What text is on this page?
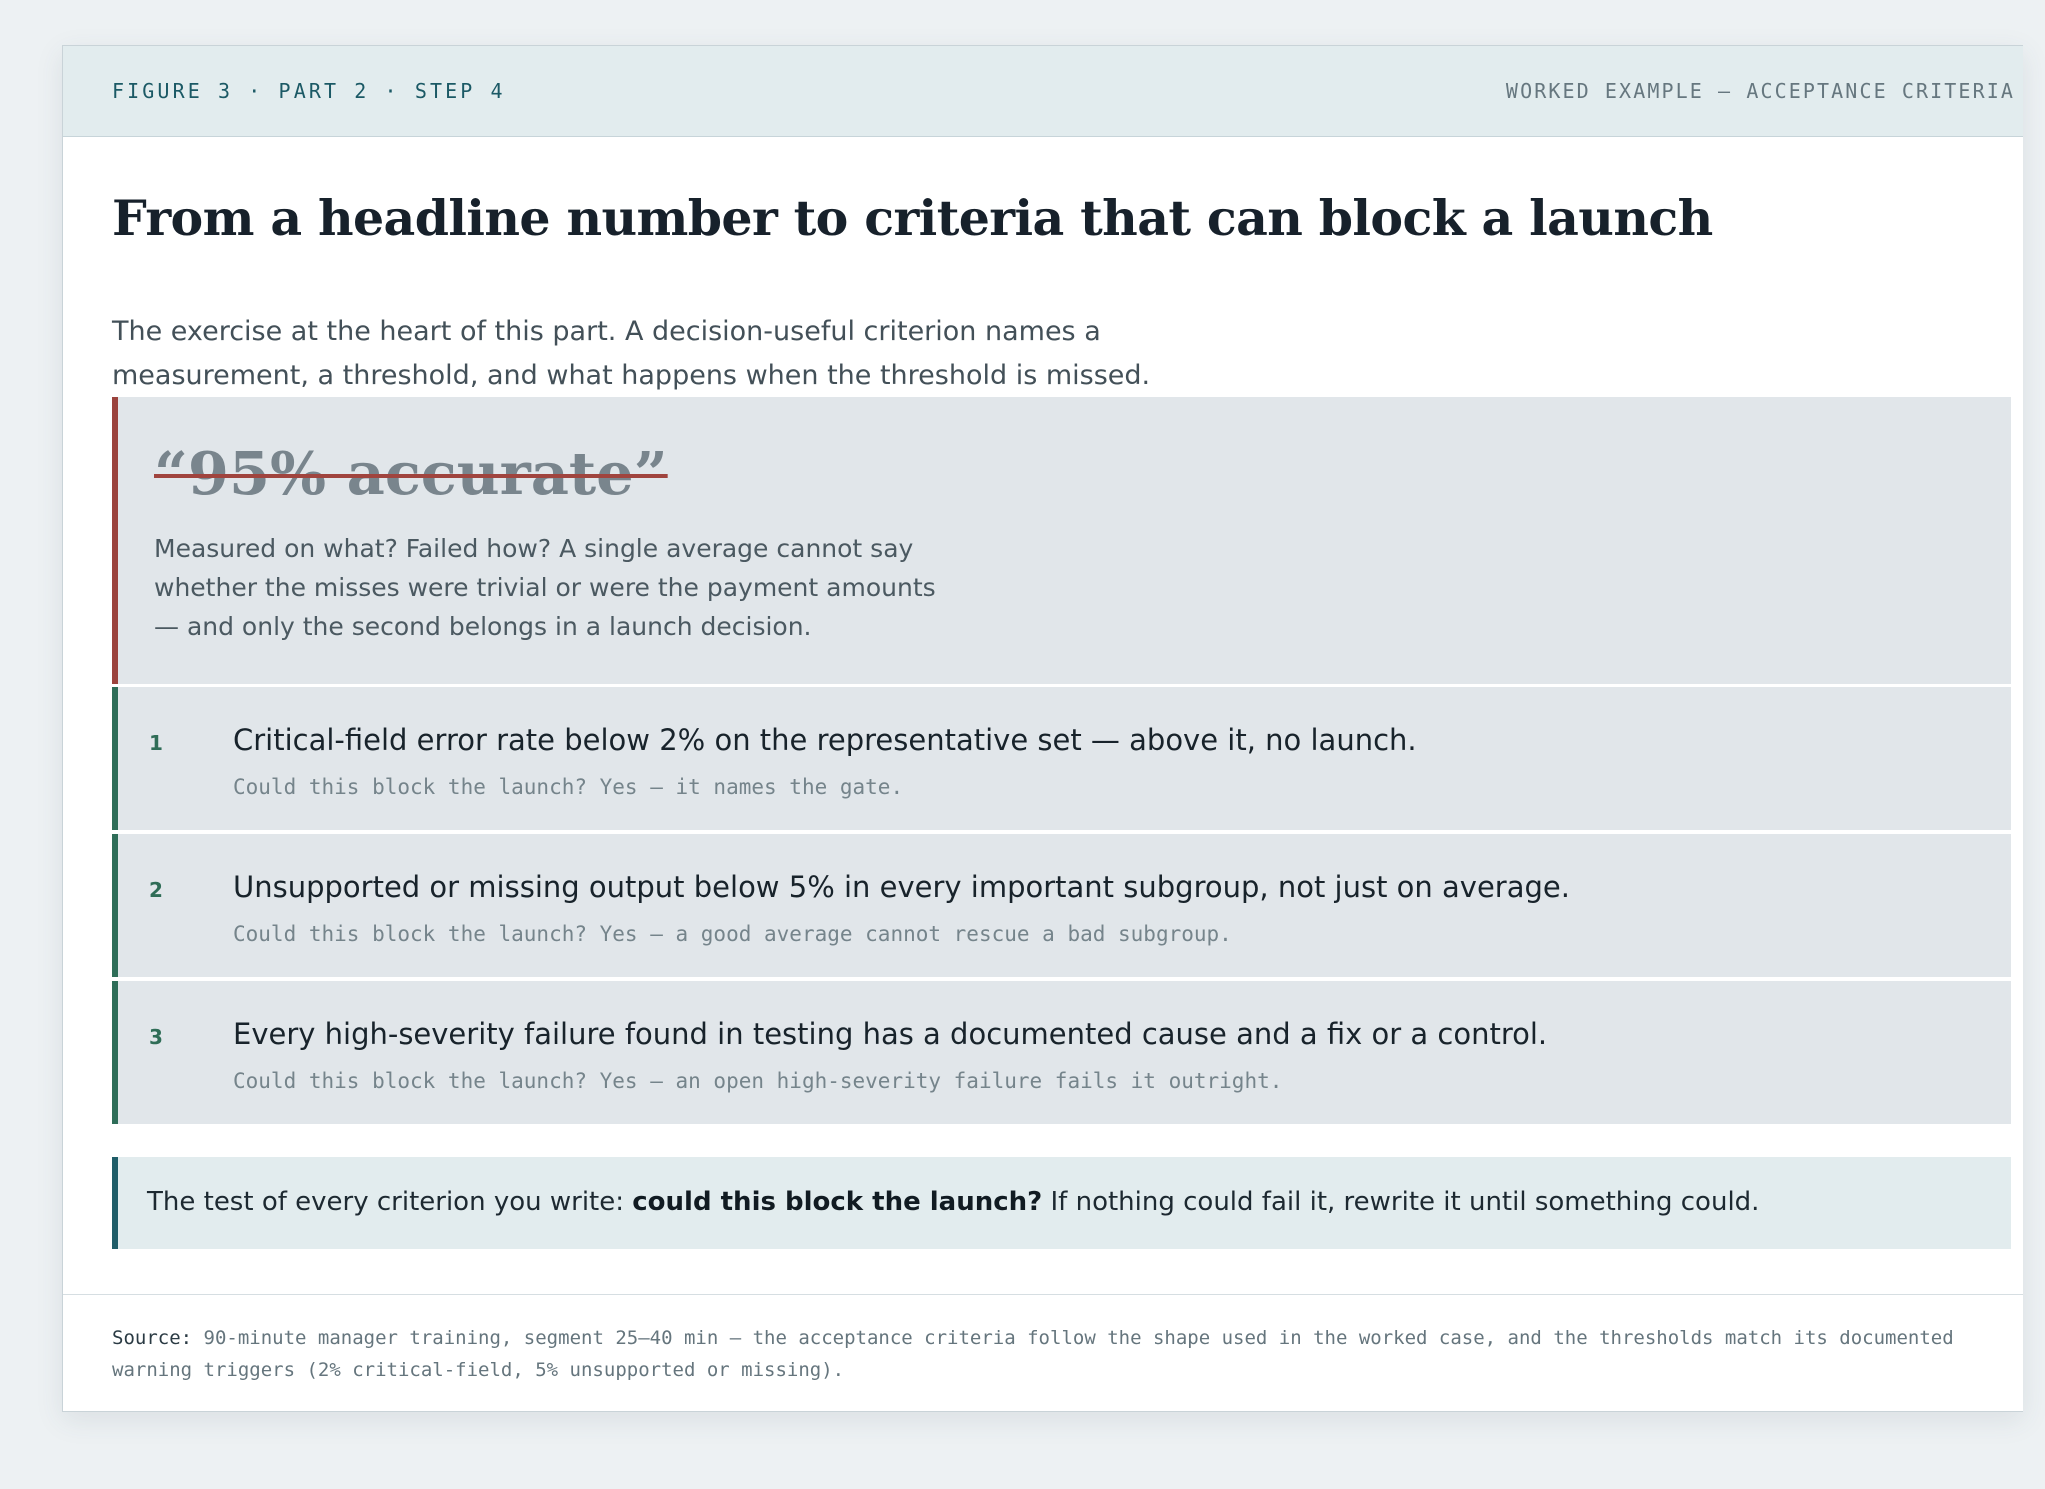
FIGURE 3 · PART 2 · STEP 4	WORKED EXAMPLE — ACCEPTANCE CRITERIA
From a headline number to criteria that can block a launch

The exercise at the heart of this part. A decision-useful criterion names a measurement, a threshold, and what happens when the threshold is missed.

“95% accurate”

Measured on what? Failed how? A single average cannot say whether the misses were trivial or were the payment amounts — and only the second belongs in a launch decision.

1	Critical-field error rate below 2% on the representative set — above it, no launch.

Could this block the launch? Yes — it names the gate.

2	Unsupported or missing output below 5% in every important subgroup, not just on average.

Could this block the launch? Yes — a good average cannot rescue a bad subgroup.

3	Every high-severity failure found in testing has a documented cause and a fix or a control.

Could this block the launch? Yes — an open high-severity failure fails it outright.

The test of every criterion you write: could this block the launch? If nothing could fail it, rewrite it until something could.

Source: 90-minute manager training, segment 25–40 min — the acceptance criteria follow the shape used in the worked case, and the thresholds match its documented warning triggers (2% critical-field, 5% unsupported or missing).
